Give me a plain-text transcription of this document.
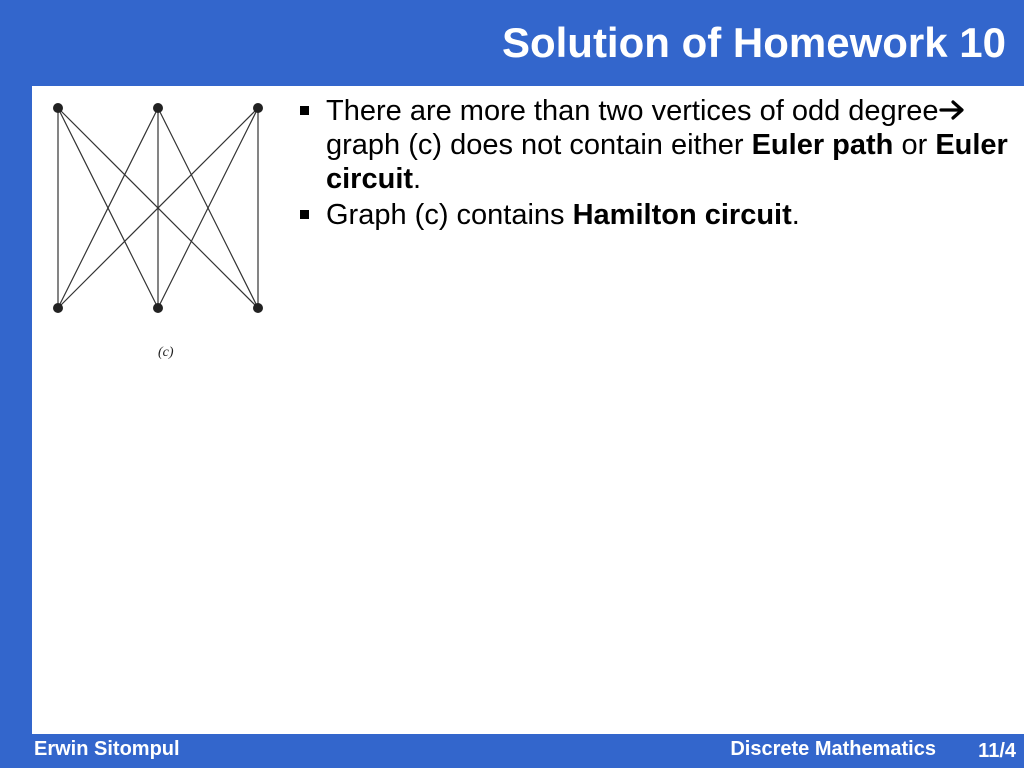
Solution of Homework 10
(c)
There are more than two vertices of odd degree graph (c) does not contain either Euler path or Euler circuit.
Graph (c) contains Hamilton circuit.
Erwin Sitompul	Discrete Mathematics 11/4
